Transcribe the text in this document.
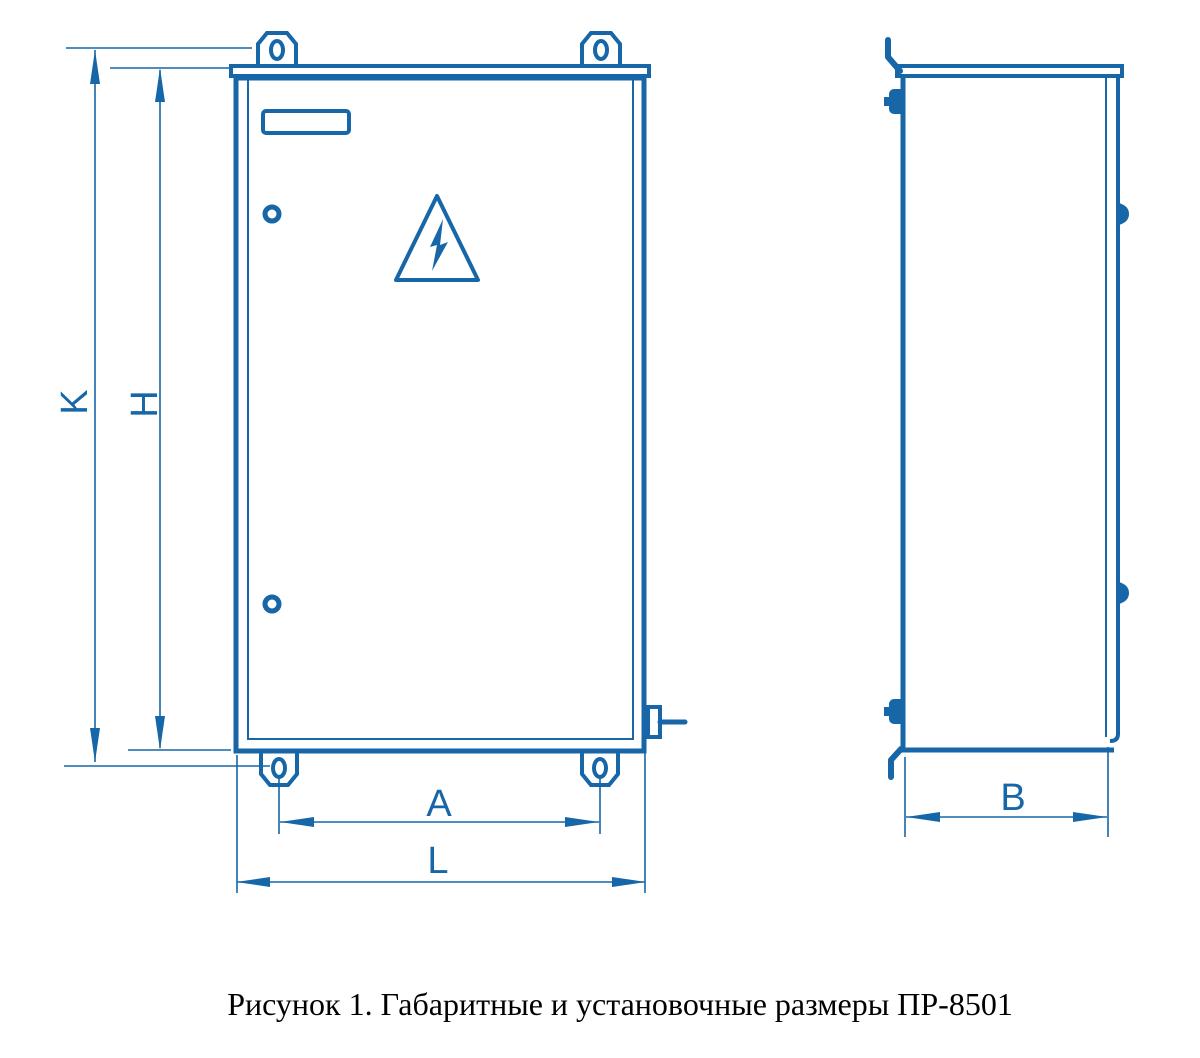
K H
A
L
B
Рисунок 1. Габаритные и установочные размеры ПР-8501
